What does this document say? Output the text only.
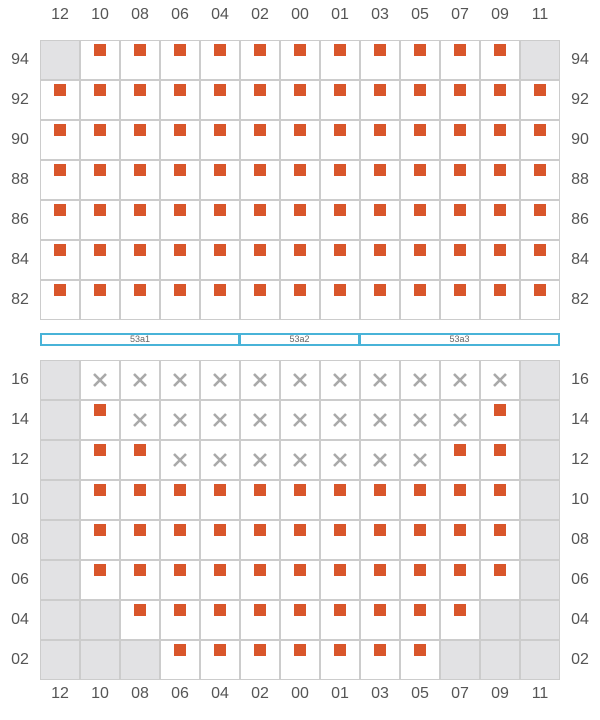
12
12
10
10
08
08
06
06
04
04
02
02
00
00
01
01
03
03
05
05
07
07
09
09
11
11
94	94
92	92
90	90
88	88
86	86
84	84
82	82
16	16
14	14
12	12
10	10
08	08
06	06
04	04
02	02
53a1	53a2	53a3
